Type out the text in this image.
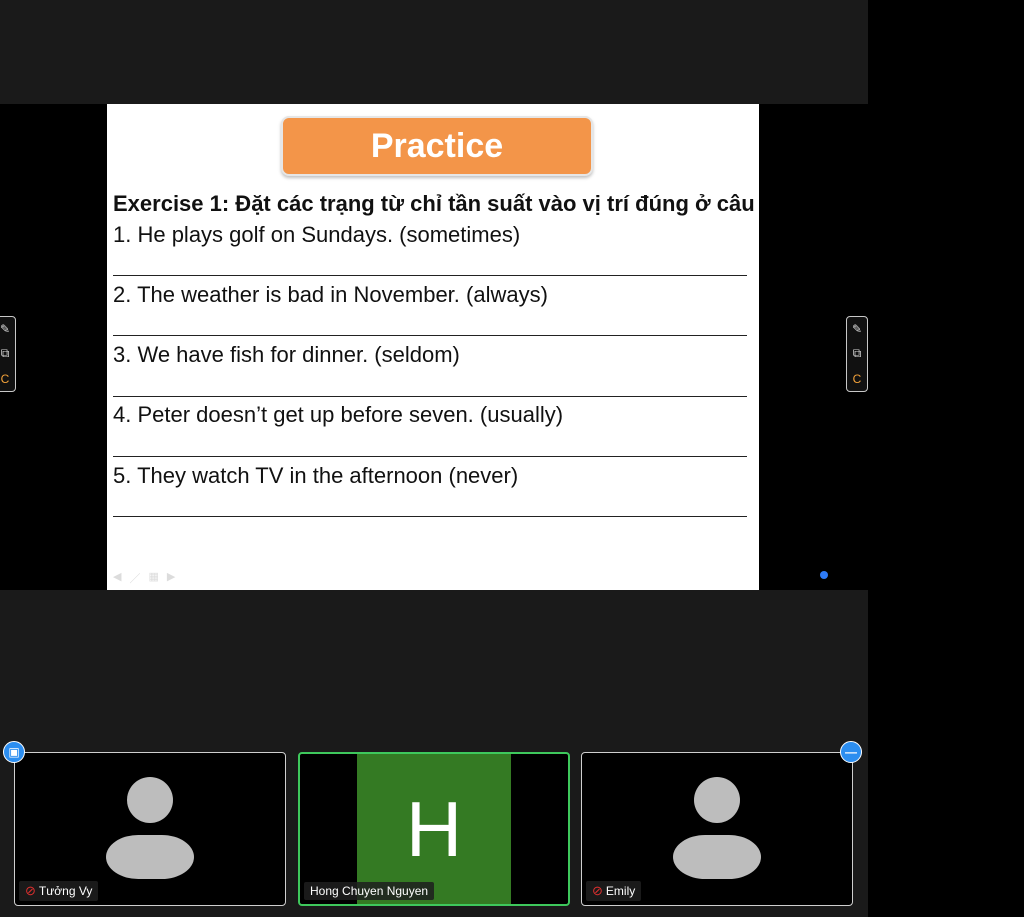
Practice
Exercise 1: Đặt các trạng từ chỉ tần suất vào vị trí đúng ở câu
1. He plays golf on Sundays. (sometimes)
2. The weather is bad in November. (always)
3. We have fish for dinner. (seldom)
4. Peter doesn’t get up before seven. (usually)
5. They watch TV in the afternoon (never)
◀ ／ ▦ ▶
✎
⧉
C
✎
⧉
C
⊘ Tưởng Vy
H
Hong Chuyen Nguyen	⊘ Emily
▣	—
